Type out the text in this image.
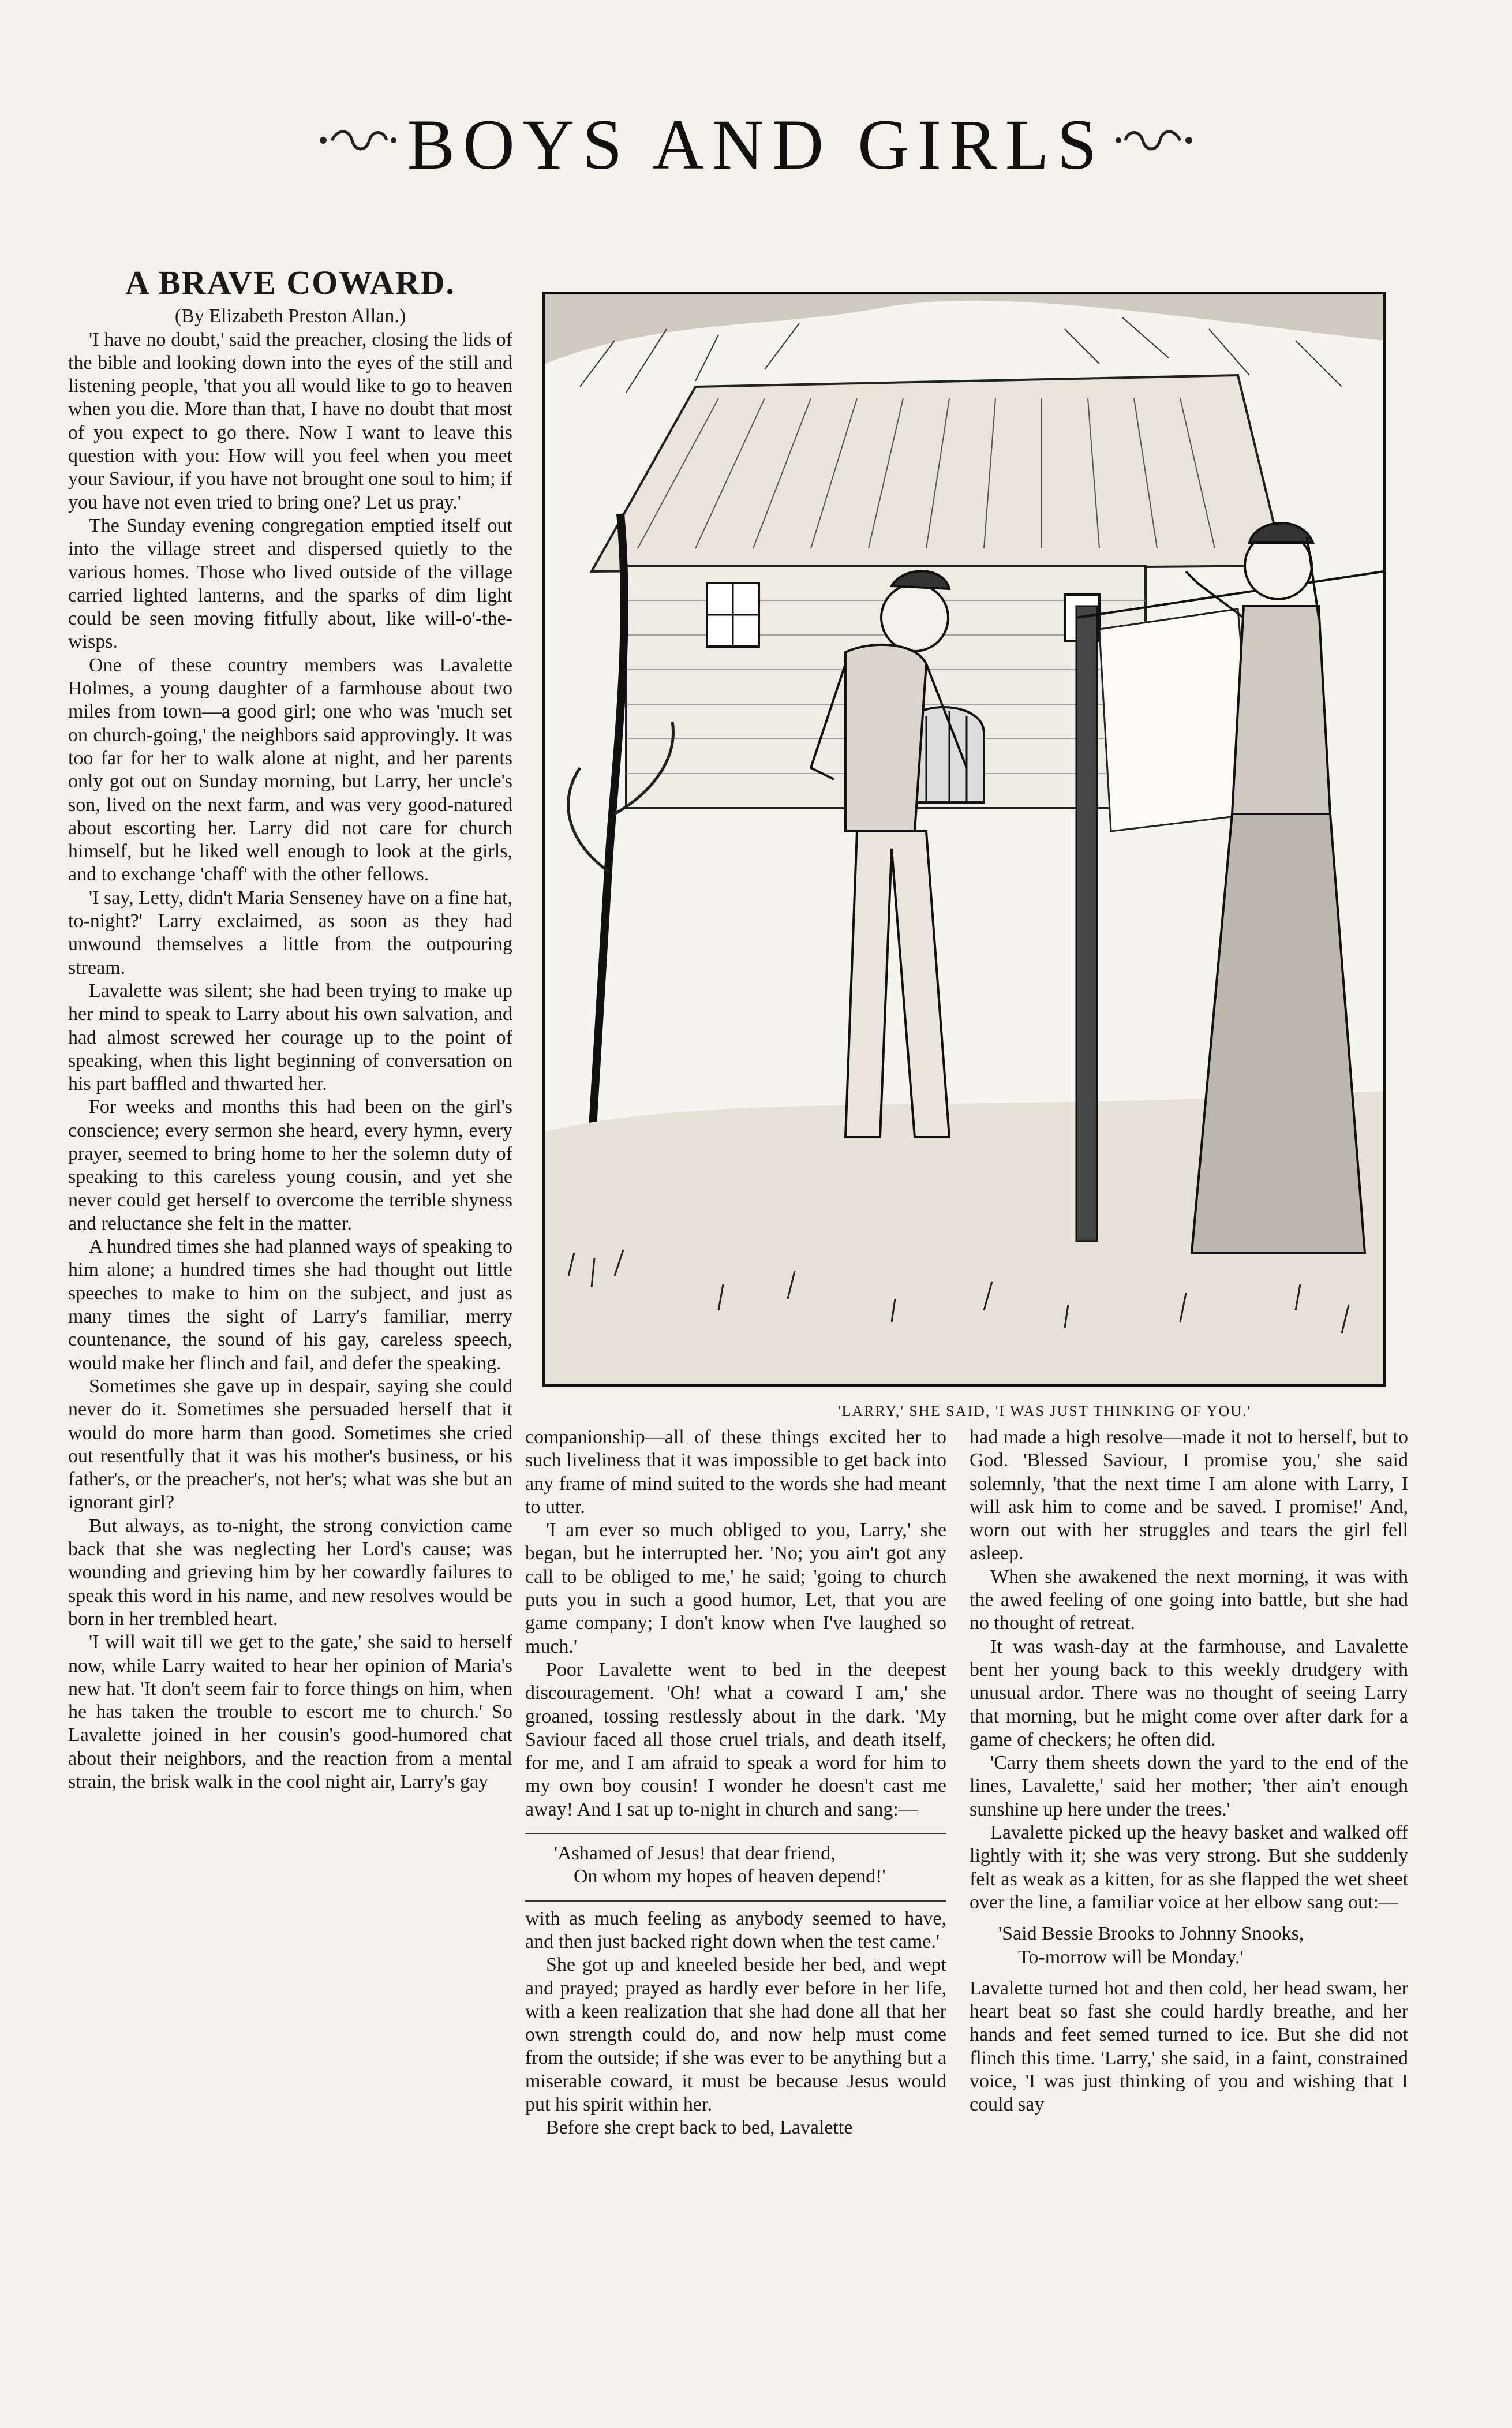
BOYS AND GIRLS
A BRAVE COWARD.

(By Elizabeth Preston Allan.)

'I have no doubt,' said the preacher, closing the lids of the bible and looking down into the eyes of the still and listening people, 'that you all would like to go to heaven when you die. More than that, I have no doubt that most of you expect to go there. Now I want to leave this question with you: How will you feel when you meet your Saviour, if you have not brought one soul to him; if you have not even tried to bring one? Let us pray.'

The Sunday evening congregation emptied itself out into the village street and dispersed quietly to the various homes. Those who lived outside of the village carried lighted lanterns, and the sparks of dim light could be seen moving fitfully about, like will-o'-the-wisps.

One of these country members was Lavalette Holmes, a young daughter of a farmhouse about two miles from town—a good girl; one who was 'much set on church-going,' the neighbors said approvingly. It was too far for her to walk alone at night, and her parents only got out on Sunday morning, but Larry, her uncle's son, lived on the next farm, and was very good-natured about escorting her. Larry did not care for church himself, but he liked well enough to look at the girls, and to exchange 'chaff' with the other fellows.

'I say, Letty, didn't Maria Senseney have on a fine hat, to-night?' Larry exclaimed, as soon as they had unwound themselves a little from the outpouring stream.

Lavalette was silent; she had been trying to make up her mind to speak to Larry about his own salvation, and had almost screwed her courage up to the point of speaking, when this light beginning of conversation on his part baffled and thwarted her.

For weeks and months this had been on the girl's conscience; every sermon she heard, every hymn, every prayer, seemed to bring home to her the solemn duty of speaking to this careless young cousin, and yet she never could get herself to overcome the terrible shyness and reluctance she felt in the matter.

A hundred times she had planned ways of speaking to him alone; a hundred times she had thought out little speeches to make to him on the subject, and just as many times the sight of Larry's familiar, merry countenance, the sound of his gay, careless speech, would make her flinch and fail, and defer the speaking.

Sometimes she gave up in despair, saying she could never do it. Sometimes she persuaded herself that it would do more harm than good. Sometimes she cried out resentfully that it was his mother's business, or his father's, or the preacher's, not her's; what was she but an ignorant girl?

But always, as to-night, the strong conviction came back that she was neglecting her Lord's cause; was wounding and grieving him by her cowardly failures to speak this word in his name, and new resolves would be born in her trembled heart.

'I will wait till we get to the gate,' she said to herself now, while Larry waited to hear her opinion of Maria's new hat. 'It don't seem fair to force things on him, when he has taken the trouble to escort me to church.' So Lavalette joined in her cousin's good-humored chat about their neighbors, and the reaction from a mental strain, the brisk walk in the cool night air, Larry's gay

'LARRY,' SHE SAID, 'I WAS JUST THINKING OF YOU.'

companionship—all of these things excited her to such liveliness that it was impossible to get back into any frame of mind suited to the words she had meant to utter.

'I am ever so much obliged to you, Larry,' she began, but he interrupted her. 'No; you ain't got any call to be obliged to me,' he said; 'going to church puts you in such a good humor, Let, that you are game company; I don't know when I've laughed so much.'

Poor Lavalette went to bed in the deepest discouragement. 'Oh! what a coward I am,' she groaned, tossing restlessly about in the dark. 'My Saviour faced all those cruel trials, and death itself, for me, and I am afraid to speak a word for him to my own boy cousin! I wonder he doesn't cast me away! And I sat up to-night in church and sang:—

'Ashamed of Jesus! that dear friend,
On whom my hopes of heaven depend!'

with as much feeling as anybody seemed to have, and then just backed right down when the test came.'

She got up and kneeled beside her bed, and wept and prayed; prayed as hardly ever before in her life, with a keen realization that she had done all that her own strength could do, and now help must come from the outside; if she was ever to be anything but a miserable coward, it must be because Jesus would put his spirit within her.

Before she crept back to bed, Lavalette

had made a high resolve—made it not to herself, but to God. 'Blessed Saviour, I promise you,' she said solemnly, 'that the next time I am alone with Larry, I will ask him to come and be saved. I promise!' And, worn out with her struggles and tears the girl fell asleep.

When she awakened the next morning, it was with the awed feeling of one going into battle, but she had no thought of retreat.

It was wash-day at the farmhouse, and Lavalette bent her young back to this weekly drudgery with unusual ardor. There was no thought of seeing Larry that morning, but he might come over after dark for a game of checkers; he often did.

'Carry them sheets down the yard to the end of the lines, Lavalette,' said her mother; 'ther ain't enough sunshine up here under the trees.'

Lavalette picked up the heavy basket and walked off lightly with it; she was very strong. But she suddenly felt as weak as a kitten, for as she flapped the wet sheet over the line, a familiar voice at her elbow sang out:—

'Said Bessie Brooks to Johnny Snooks,
To-morrow will be Monday.'

Lavalette turned hot and then cold, her head swam, her heart beat so fast she could hardly breathe, and her hands and feet semed turned to ice. But she did not flinch this time. 'Larry,' she said, in a faint, constrained voice, 'I was just thinking of you and wishing that I could say
